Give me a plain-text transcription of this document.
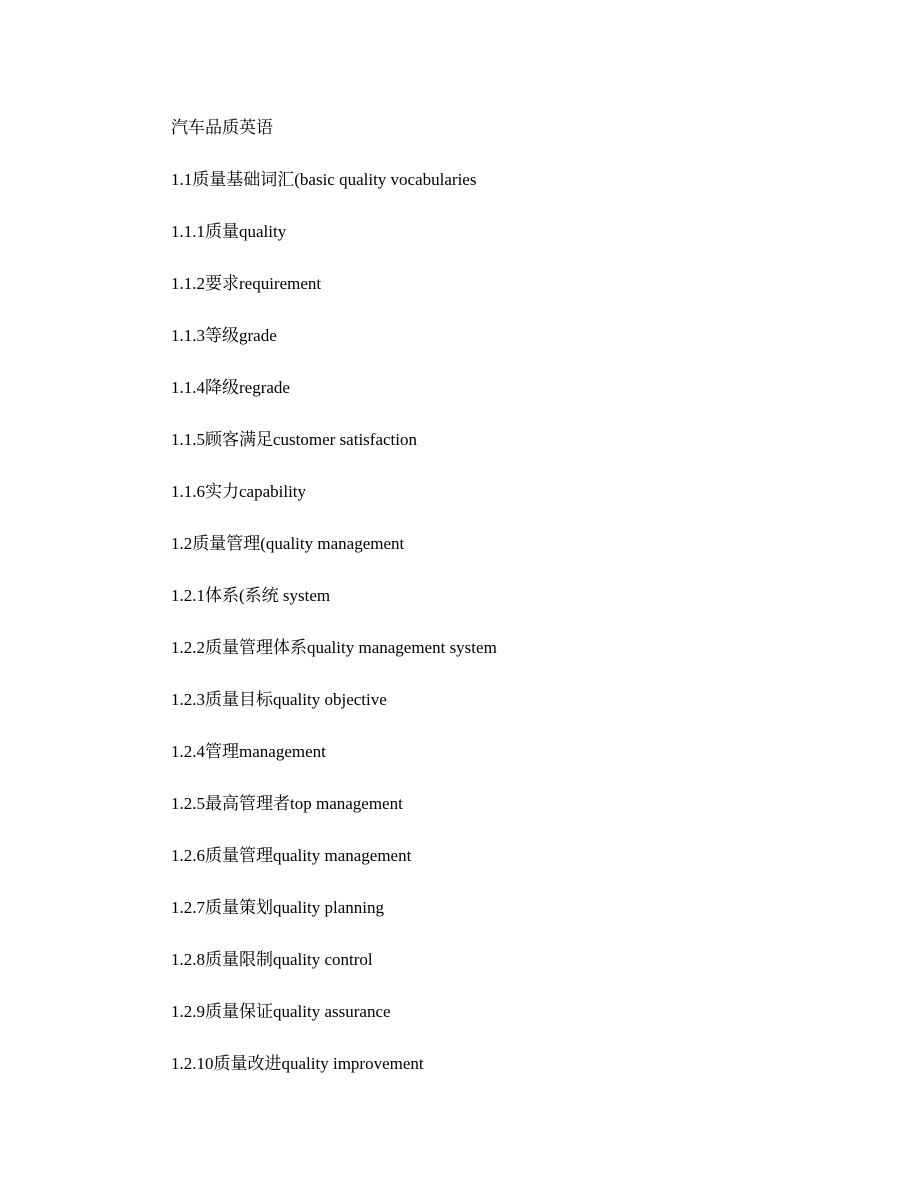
汽车品质英语
1.1质量基础词汇(basic quality vocabularies
1.1.1质量quality
1.1.2要求requirement
1.1.3等级grade
1.1.4降级regrade
1.1.5顾客满足customer satisfaction
1.1.6实力capability
1.2质量管理(quality management
1.2.1体系(系统 system
1.2.2质量管理体系quality management system
1.2.3质量目标quality objective
1.2.4管理management
1.2.5最高管理者top management
1.2.6质量管理quality management
1.2.7质量策划quality planning
1.2.8质量限制quality control
1.2.9质量保证quality assurance
1.2.10质量改进quality improvement
